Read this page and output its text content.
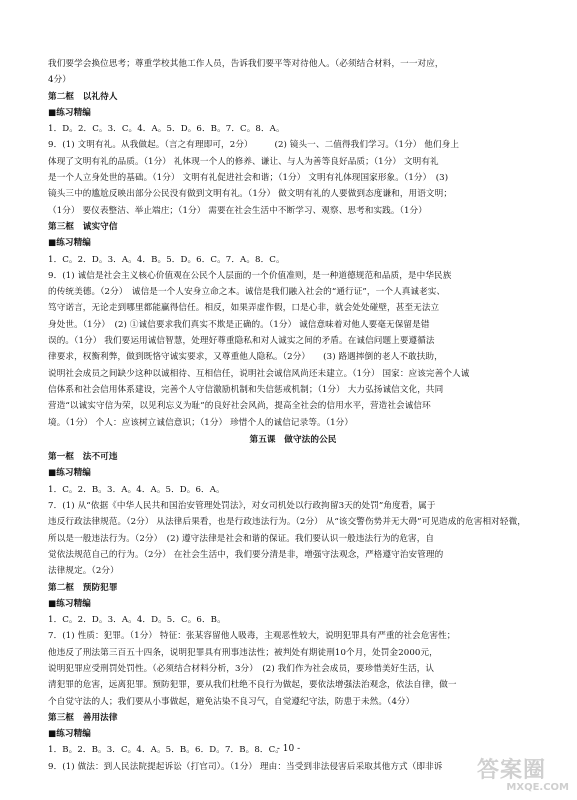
我们要学会换位思考；尊重学校其他工作人员，告诉我们要平等对待他人。（必须结合材料，一一对应，
4分）
第二框　以礼待人
■练习精编
1．D。2．C。3．C。4．A。5．D。6．B。7．C。8．A。
9．(1) 文明有礼。从我做起。（言之有理即可，2分）　　　(2) 镜头一、二值得我们学习。（1分） 他们身上
体现了文明有礼的品质。（1分） 礼体现一个人的修养、谦让、与人为善等良好品质；（1分） 文明有礼
是一个人立身处世的基础。（1分） 文明有礼促进社会和谐；（1分） 文明有礼体现国家形象。（1分）　(3)
镜头三中的尴尬反映出部分公民没有做到文明有礼。（1分） 做文明有礼的人要做到态度谦和，用语文明；
（1分） 要仪表整洁、举止端庄；（1分） 需要在社会生活中不断学习、观察、思考和实践。（1分）
第三框　诚实守信
■练习精编
1．C。2．D。3．A。4．B。5．D。6．C。7．A。8．C。
9．(1) 诚信是社会主义核心价值观在公民个人层面的一个价值准则，是一种道德规范和品质，是中华民族
的传统美德。（2分）　诚信是一个人安身立命之本。诚信是我们融入社会的“通行证”，一个人真诚老实、
笃守诺言，无论走到哪里都能赢得信任。相反，如果弄虚作假，口是心非，就会处处碰壁，甚至无法立
身处世。（1分）　(2) ①诚信要求我们真实不欺是正确的。（1分） 诚信意味着对他人要毫无保留是错
误的。（1分） 我们要运用诚信智慧，处理好尊重隐私和对人诚实之间的矛盾。在诚信问题上要遵循法
律要求，权衡利弊，做到既恪守诚实要求，又尊重他人隐私。（2分）　　(3) 路遇摔倒的老人不敢扶助，
说明社会成员之间缺少这种以诚相待、互相信任，说明社会诚信风尚还未建立。（1分） 国家：应该完善个人诚
信体系和社会信用体系建设，完善个人守信激励机制和失信惩戒机制；（1分） 大力弘扬诚信文化，共同
营造“以诚实守信为荣，以见利忘义为耻”的良好社会风尚，提高全社会的信用水平，营造社会诚信环
境。（1分） 个人：应该树立诚信意识；（1分） 珍惜个人的诚信记录等。（1分）
第五课　做守法的公民
第一框　法不可违
■练习精编
1．C。2．B。3．A。4．A。5．D。6．A。
7．(1) 从“依据《中华人民共和国治安管理处罚法》，对女司机处以行政拘留3天的处罚”角度看，属于
违反行政法律规范。（2分） 从法律后果看，也是行政违法行为。（2分） 从“该交警伤势并无大碍”可见造成的危害相对轻微，
所以是一般违法行为。（2分）　(2) 遵守法律是社会和谐的保证。我们要认识一般违法行为的危害，自
觉依法规范自己的行为。（2分） 在社会生活中，我们要分清是非，增强守法观念，严格遵守治安管理的
法律规定。（2分）
第二框　预防犯罪
■练习精编
1．C。2．D。3．A。4．D。5．C。6．B。
7．(1) 性质：犯罪。（1分） 特征：张某容留他人吸毒，主观恶性较大，说明犯罪具有严重的社会危害性；
他违反了刑法第三百五十四条，说明犯罪具有刑事违法性；被判处有期徒刑10个月，处罚金2000元，
说明犯罪应受刑罚处罚性。（必须结合材料分析，3分）　(2) 我们作为社会成员，要珍惜美好生活，认
清犯罪的危害，远离犯罪。预防犯罪，要从我们杜绝不良行为做起，要依法增强法治观念，依法自律，做一
个自觉守法的人；我们要从小事做起，避免沾染不良习气，自觉遵纪守法，防患于未然。（4分）
第三框　善用法律
■练习精编
1．B。2．B。3．C。4．A。5．B。6．D。7．B。8．C。
9．(1) 做法：到人民法院提起诉讼（打官司）。（1分） 理由：当受到非法侵害后采取其他方式（即非诉
- 10 -
答案圈
MXQE.COM
